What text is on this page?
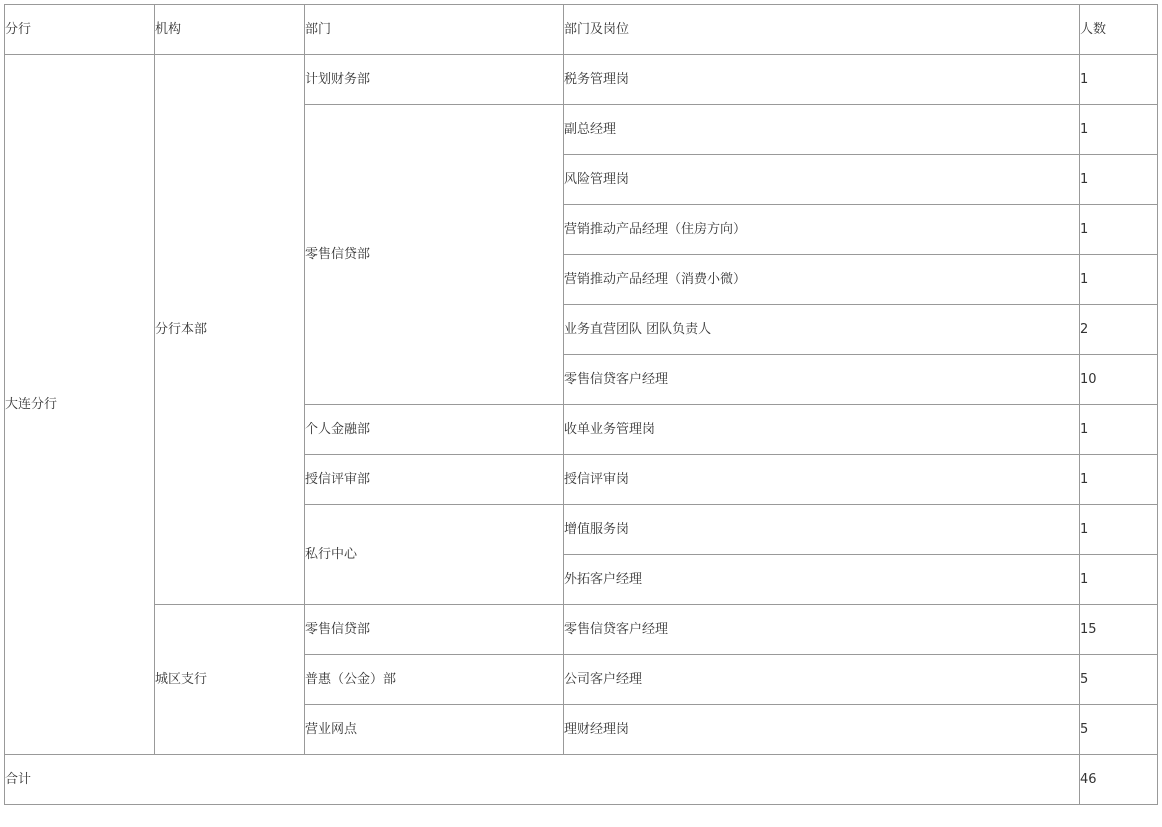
分行	机构	部门	部门及岗位	人数

大连分行	分行本部	计划财务部	税务管理岗	1

		零售信贷部	副总经理	1

			风险管理岗	1

			营销推动产品经理（住房方向）	1

			营销推动产品经理（消费小微）	1

			业务直营团队 团队负责人	2

			零售信贷客户经理	10

		个人金融部	收单业务管理岗	1

		授信评审部	授信评审岗	1

		私行中心	增值服务岗	1

			外拓客户经理	1

	城区支行	零售信贷部	零售信贷客户经理	15

		普惠（公金）部	公司客户经理	5

		营业网点	理财经理岗	5

合计				46
